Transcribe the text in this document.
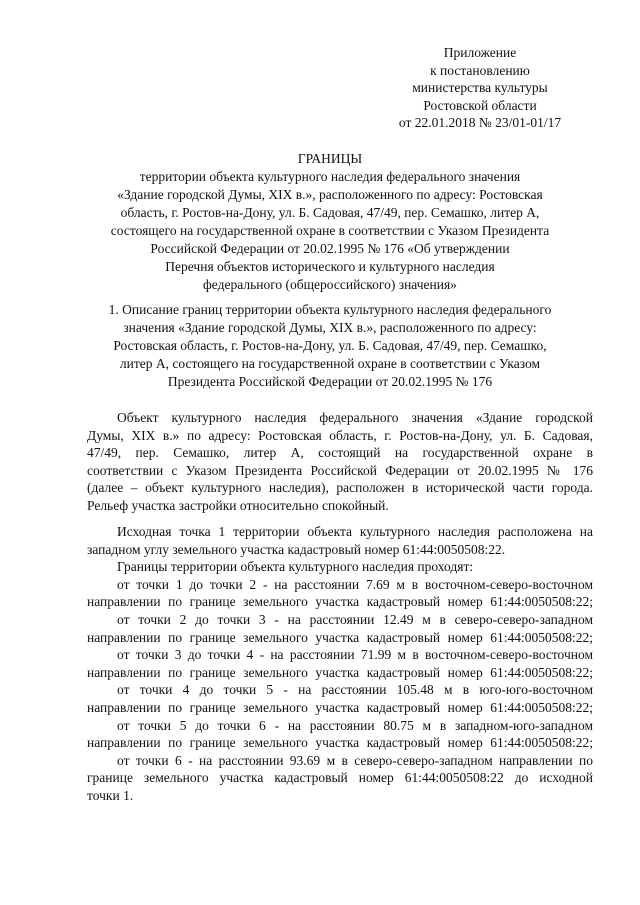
Приложение
к постановлению
министерства культуры
Ростовской области
от 22.01.2018 № 23/01-01/17
ГРАНИЦЫ
территории объекта культурного наследия федерального значения
«Здание городской Думы, XIX в.», расположенного по адресу: Ростовская
область, г. Ростов-на-Дону, ул. Б. Садовая, 47/49, пер. Семашко, литер А,
состоящего на государственной охране в соответствии с Указом Президента
Российской Федерации от 20.02.1995 № 176 «Об утверждении
Перечня объектов исторического и культурного наследия
федерального (общероссийского) значения»
1. Описание границ территории объекта культурного наследия федерального
значения «Здание городской Думы, XIX в.», расположенного по адресу:
Ростовская область, г. Ростов-на-Дону, ул. Б. Садовая, 47/49, пер. Семашко,
литер А, состоящего на государственной охране в соответствии с Указом
Президента Российской Федерации от 20.02.1995 № 176
Объект культурного наследия федерального значения «Здание городской
Думы, XIX в.» по адресу: Ростовская область, г. Ростов-на-Дону, ул. Б. Садовая,
47/49, пер. Семашко, литер А, состоящий на государственной охране в
соответствии с Указом Президента Российской Федерации от 20.02.1995 № 176
(далее – объект культурного наследия), расположен в исторической части города.
Рельеф участка застройки относительно спокойный.
Исходная точка 1 территории объекта культурного наследия расположена на
западном углу земельного участка кадастровый номер 61:44:0050508:22.
Границы территории объекта культурного наследия проходят:
от точки 1 до точки 2 - на расстоянии 7.69 м в восточном-северо-восточном
направлении по границе земельного участка кадастровый номер 61:44:0050508:22;
от точки 2 до точки 3 - на расстоянии 12.49 м в северо-северо-западном
направлении по границе земельного участка кадастровый номер 61:44:0050508:22;
от точки 3 до точки 4 - на расстоянии 71.99 м в восточном-северо-восточном
направлении по границе земельного участка кадастровый номер 61:44:0050508:22;
от точки 4 до точки 5 - на расстоянии 105.48 м в юго-юго-восточном
направлении по границе земельного участка кадастровый номер 61:44:0050508:22;
от точки 5 до точки 6 - на расстоянии 80.75 м в западном-юго-западном
направлении по границе земельного участка кадастровый номер 61:44:0050508:22;
от точки 6 - на расстоянии 93.69 м в северо-северо-западном направлении по
границе земельного участка кадастровый номер 61:44:0050508:22 до исходной
точки 1.
